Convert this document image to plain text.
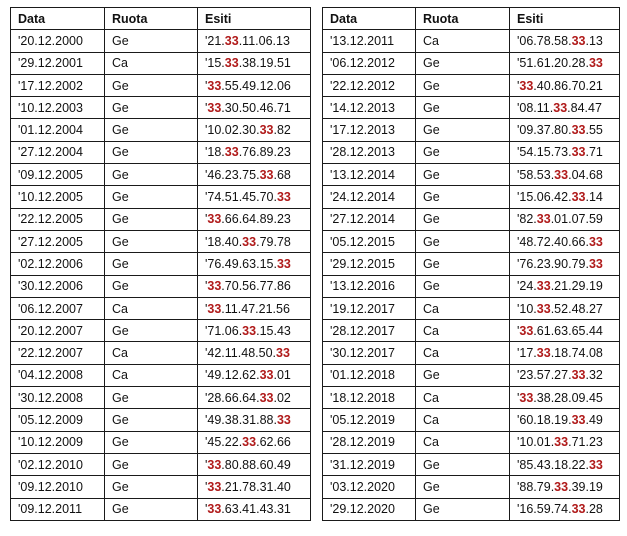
Data	Ruota	Esiti
'20.12.2000	Ge	'21.33.11.06.13
'29.12.2001	Ca	'15.33.38.19.51
'17.12.2002	Ge	'33.55.49.12.06
'10.12.2003	Ge	'33.30.50.46.71
'01.12.2004	Ge	'10.02.30.33.82
'27.12.2004	Ge	'18.33.76.89.23
'09.12.2005	Ge	'46.23.75.33.68
'10.12.2005	Ge	'74.51.45.70.33
'22.12.2005	Ge	'33.66.64.89.23
'27.12.2005	Ge	'18.40.33.79.78
'02.12.2006	Ge	'76.49.63.15.33
'30.12.2006	Ge	'33.70.56.77.86
'06.12.2007	Ca	'33.11.47.21.56
'20.12.2007	Ge	'71.06.33.15.43
'22.12.2007	Ca	'42.11.48.50.33
'04.12.2008	Ca	'49.12.62.33.01
'30.12.2008	Ge	'28.66.64.33.02
'05.12.2009	Ge	'49.38.31.88.33
'10.12.2009	Ge	'45.22.33.62.66
'02.12.2010	Ge	'33.80.88.60.49
'09.12.2010	Ge	'33.21.78.31.40
'09.12.2011	Ge	'33.63.41.43.31
Data	Ruota	Esiti
'13.12.2011	Ca	'06.78.58.33.13
'06.12.2012	Ge	'51.61.20.28.33
'22.12.2012	Ge	'33.40.86.70.21
'14.12.2013	Ge	'08.11.33.84.47
'17.12.2013	Ge	'09.37.80.33.55
'28.12.2013	Ge	'54.15.73.33.71
'13.12.2014	Ge	'58.53.33.04.68
'24.12.2014	Ge	'15.06.42.33.14
'27.12.2014	Ge	'82.33.01.07.59
'05.12.2015	Ge	'48.72.40.66.33
'29.12.2015	Ge	'76.23.90.79.33
'13.12.2016	Ge	'24.33.21.29.19
'19.12.2017	Ca	'10.33.52.48.27
'28.12.2017	Ca	'33.61.63.65.44
'30.12.2017	Ca	'17.33.18.74.08
'01.12.2018	Ge	'23.57.27.33.32
'18.12.2018	Ca	'33.38.28.09.45
'05.12.2019	Ca	'60.18.19.33.49
'28.12.2019	Ca	'10.01.33.71.23
'31.12.2019	Ge	'85.43.18.22.33
'03.12.2020	Ge	'88.79.33.39.19
'29.12.2020	Ge	'16.59.74.33.28
